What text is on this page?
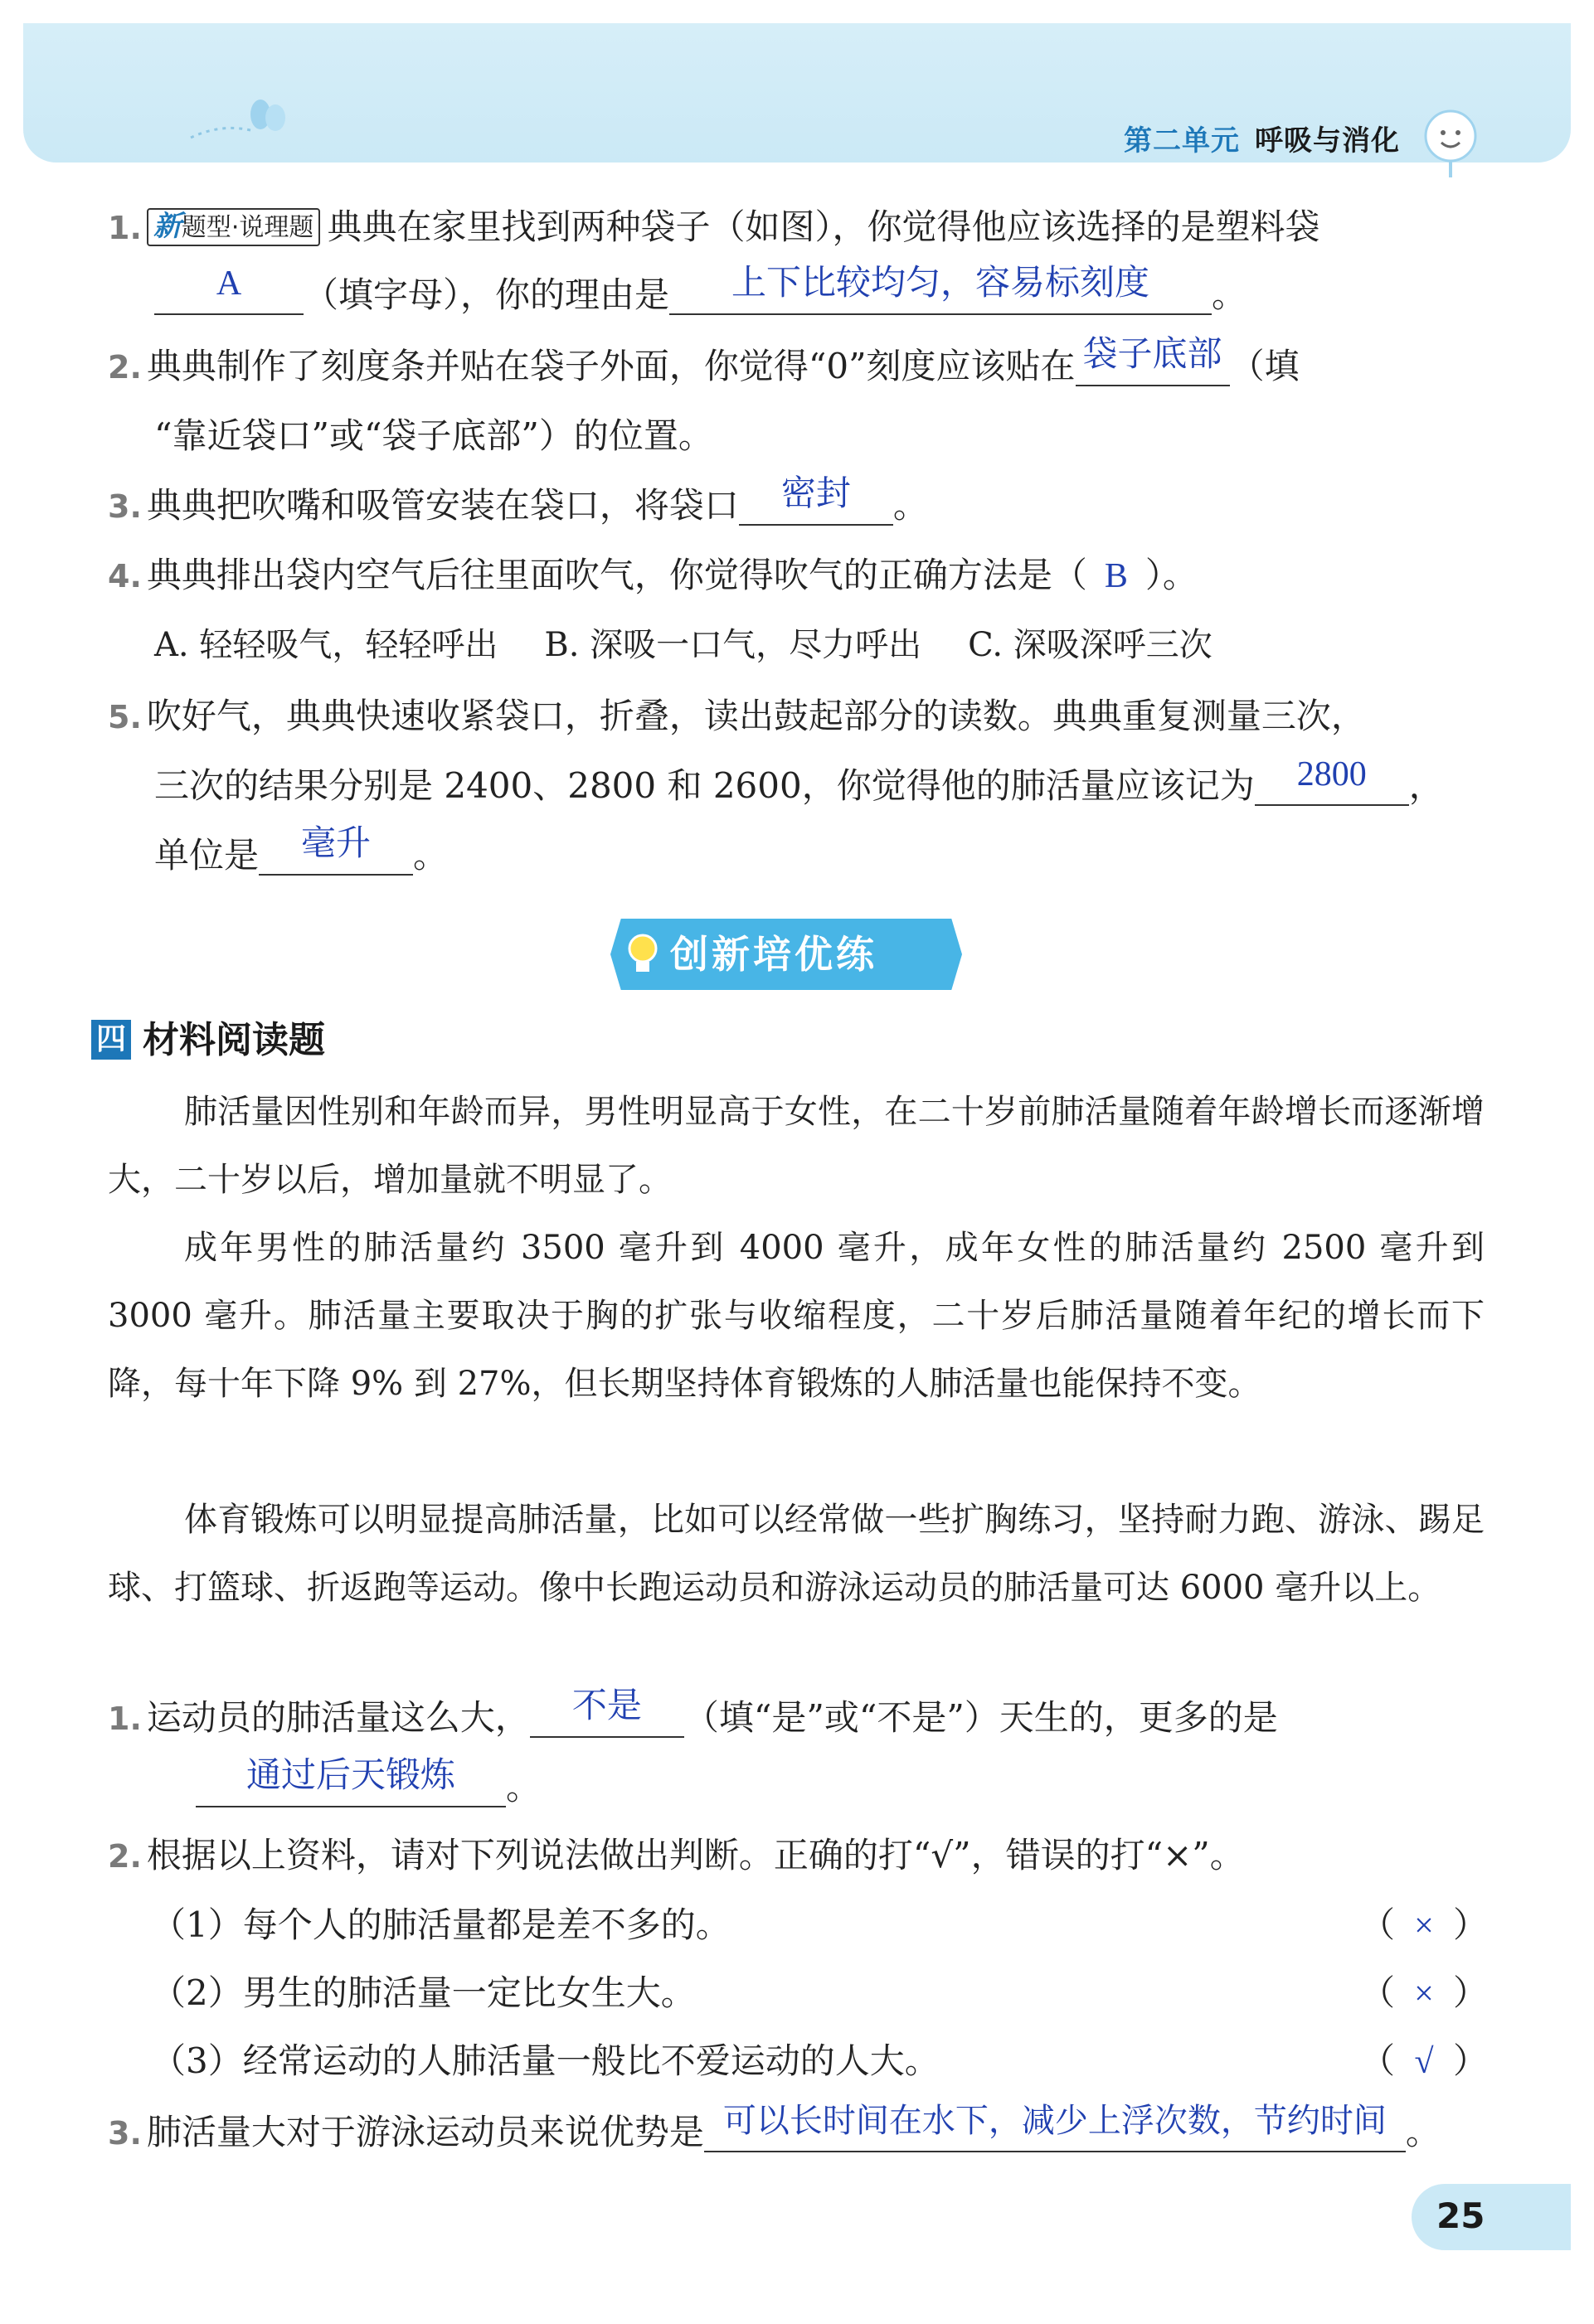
第二单元 呼吸与消化
1. 新题型·说理题 典典在家里找到两种袋子（如图），你觉得他应该选择的是塑料袋
A	（填字母），你的理由是	上下比较均匀，容易标刻度	。
2. 典典制作了刻度条并贴在袋子外面，你觉得“0”刻度应该贴在 袋子底部 （填
“靠近袋口”或“袋子底部”）的位置。
3. 典典把吹嘴和吸管安装在袋口，将袋口	密封	。
4. 典典排出袋内空气后往里面吹气，你觉得吹气的正确方法是（ B ）。
A. 轻轻吸气，轻轻呼出 B. 深吸一口气，尽力呼出 C. 深吸深呼三次
5. 吹好气，典典快速收紧袋口，折叠，读出鼓起部分的读数。典典重复测量三次，
三次的结果分别是 2400、2800 和 2600，你觉得他的肺活量应该记为	2800	，
单位是	毫升	。
创新培优练
四 材料阅读题
肺活量因性别和年龄而异，男性明显高于女性，在二十岁前肺活量随着年龄增长而逐渐增大，二十岁以后，增加量就不明显了。
成年男性的肺活量约 3500 毫升到 4000 毫升，成年女性的肺活量约 2500 毫升到 3000 毫升。肺活量主要取决于胸的扩张与收缩程度，二十岁后肺活量随着年纪的增长而下降，每十年下降 9% 到 27%，但长期坚持体育锻炼的人肺活量也能保持不变。
体育锻炼可以明显提高肺活量，比如可以经常做一些扩胸练习，坚持耐力跑、游泳、踢足球、打篮球、折返跑等运动。像中长跑运动员和游泳运动员的肺活量可达 6000 毫升以上。
1. 运动员的肺活量这么大，	不是	（填“是”或“不是”）天生的，更多的是
通过后天锻炼	。
2. 根据以上资料，请对下列说法做出判断。正确的打“√”，错误的打“×”。
（1）每个人的肺活量都是差不多的。	（ × ）
（2）男生的肺活量一定比女生大。	（ × ）
（3）经常运动的人肺活量一般比不爱运动的人大。	（ √ ）
3. 肺活量大对于游泳运动员来说优势是 可以长时间在水下，减少上浮次数，节约时间 。
25
